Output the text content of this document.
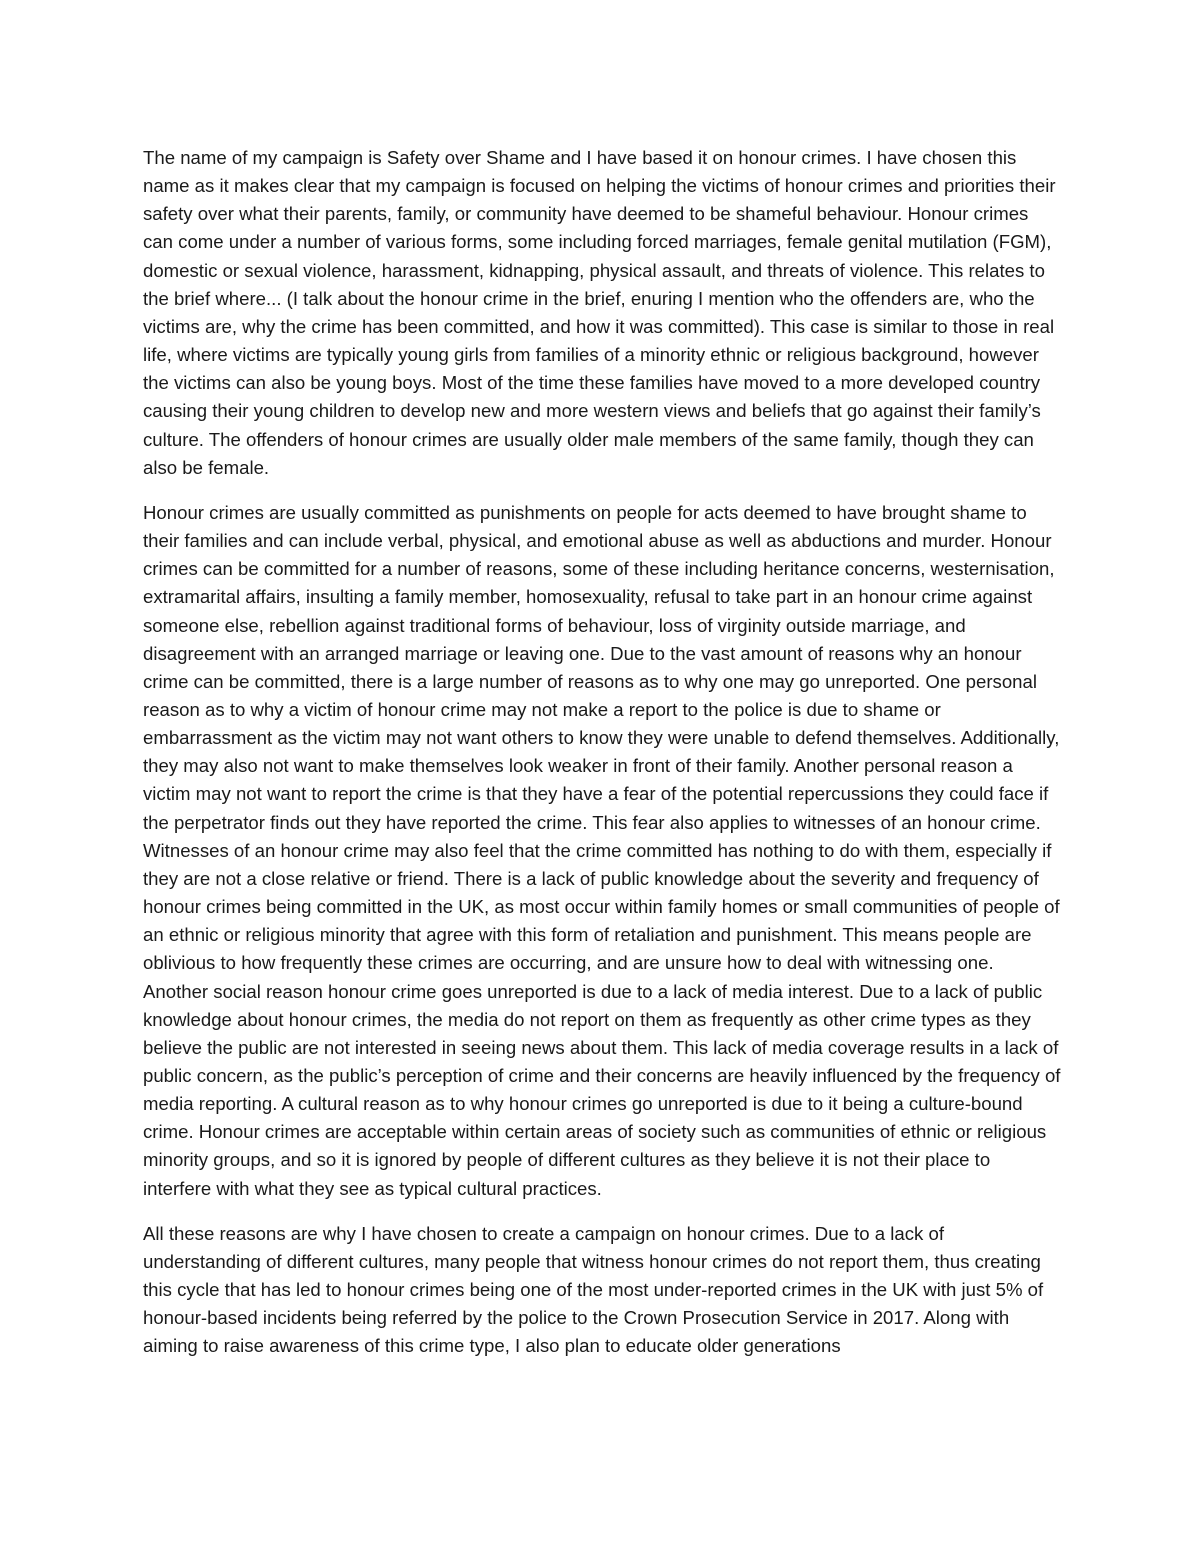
The name of my campaign is Safety over Shame and I have based it on honour crimes. I have chosen this name as it makes clear that my campaign is focused on helping the victims of honour crimes and priorities their safety over what their parents, family, or community have deemed to be shameful behaviour. Honour crimes can come under a number of various forms, some including forced marriages, female genital mutilation (FGM), domestic or sexual violence, harassment, kidnapping, physical assault, and threats of violence. This relates to the brief where... (I talk about the honour crime in the brief, enuring I mention who the offenders are, who the victims are, why the crime has been committed, and how it was committed). This case is similar to those in real life, where victims are typically young girls from families of a minority ethnic or religious background, however the victims can also be young boys. Most of the time these families have moved to a more developed country causing their young children to develop new and more western views and beliefs that go against their family’s culture. The offenders of honour crimes are usually older male members of the same family, though they can also be female.

Honour crimes are usually committed as punishments on people for acts deemed to have brought shame to their families and can include verbal, physical, and emotional abuse as well as abductions and murder. Honour crimes can be committed for a number of reasons, some of these including heritance concerns, westernisation, extramarital affairs, insulting a family member, homosexuality, refusal to take part in an honour crime against someone else, rebellion against traditional forms of behaviour, loss of virginity outside marriage, and disagreement with an arranged marriage or leaving one. Due to the vast amount of reasons why an honour crime can be committed, there is a large number of reasons as to why one may go unreported. One personal reason as to why a victim of honour crime may not make a report to the police is due to shame or embarrassment as the victim may not want others to know they were unable to defend themselves. Additionally, they may also not want to make themselves look weaker in front of their family. Another personal reason a victim may not want to report the crime is that they have a fear of the potential repercussions they could face if the perpetrator finds out they have reported the crime. This fear also applies to witnesses of an honour crime. Witnesses of an honour crime may also feel that the crime committed has nothing to do with them, especially if they are not a close relative or friend. There is a lack of public knowledge about the severity and frequency of honour crimes being committed in the UK, as most occur within family homes or small communities of people of an ethnic or religious minority that agree with this form of retaliation and punishment. This means people are oblivious to how frequently these crimes are occurring, and are unsure how to deal with witnessing one. Another social reason honour crime goes unreported is due to a lack of media interest. Due to a lack of public knowledge about honour crimes, the media do not report on them as frequently as other crime types as they believe the public are not interested in seeing news about them. This lack of media coverage results in a lack of public concern, as the public’s perception of crime and their concerns are heavily influenced by the frequency of media reporting. A cultural reason as to why honour crimes go unreported is due to it being a culture-bound crime. Honour crimes are acceptable within certain areas of society such as communities of ethnic or religious minority groups, and so it is ignored by people of different cultures as they believe it is not their place to interfere with what they see as typical cultural practices.

All these reasons are why I have chosen to create a campaign on honour crimes. Due to a lack of understanding of different cultures, many people that witness honour crimes do not report them, thus creating this cycle that has led to honour crimes being one of the most under-reported crimes in the UK with just 5% of honour-based incidents being referred by the police to the Crown Prosecution Service in 2017. Along with aiming to raise awareness of this crime type, I also plan to educate older generations
